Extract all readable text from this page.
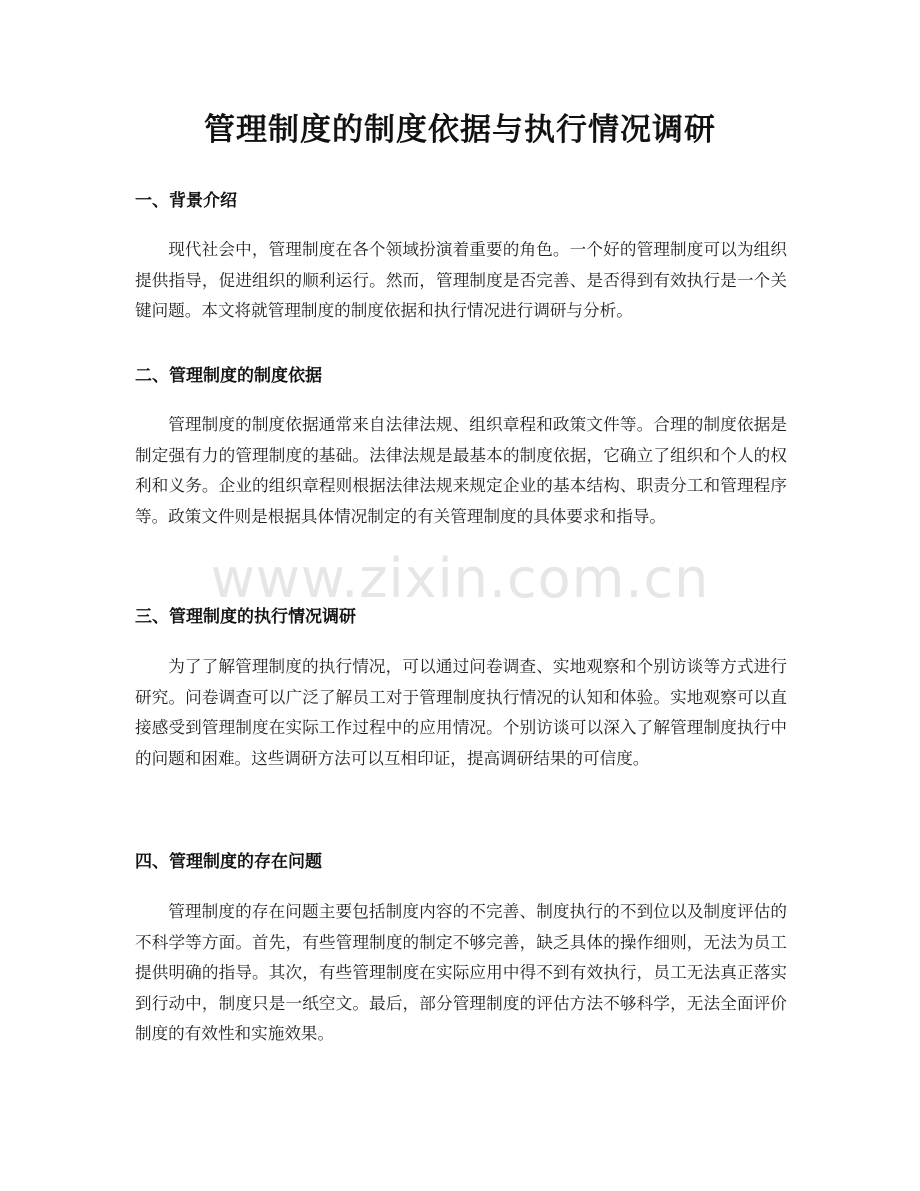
管理制度的制度依据与执行情况调研
一、背景介绍

现代社会中，管理制度在各个领域扮演着重要的角色。一个好的管理制度可以为组织提供指导，促进组织的顺利运行。然而，管理制度是否完善、是否得到有效执行是一个关键问题。本文将就管理制度的制度依据和执行情况进行调研与分析。

二、管理制度的制度依据

管理制度的制度依据通常来自法律法规、组织章程和政策文件等。合理的制度依据是制定强有力的管理制度的基础。法律法规是最基本的制度依据，它确立了组织和个人的权利和义务。企业的组织章程则根据法律法规来规定企业的基本结构、职责分工和管理程序等。政策文件则是根据具体情况制定的有关管理制度的具体要求和指导。

三、管理制度的执行情况调研

为了了解管理制度的执行情况，可以通过问卷调查、实地观察和个别访谈等方式进行研究。问卷调查可以广泛了解员工对于管理制度执行情况的认知和体验。实地观察可以直接感受到管理制度在实际工作过程中的应用情况。个别访谈可以深入了解管理制度执行中的问题和困难。这些调研方法可以互相印证，提高调研结果的可信度。

四、管理制度的存在问题

管理制度的存在问题主要包括制度内容的不完善、制度执行的不到位以及制度评估的不科学等方面。首先，有些管理制度的制定不够完善，缺乏具体的操作细则，无法为员工提供明确的指导。其次，有些管理制度在实际应用中得不到有效执行，员工无法真正落实到行动中，制度只是一纸空文。最后，部分管理制度的评估方法不够科学，无法全面评价制度的有效性和实施效果。

www.zixin.com.cn
